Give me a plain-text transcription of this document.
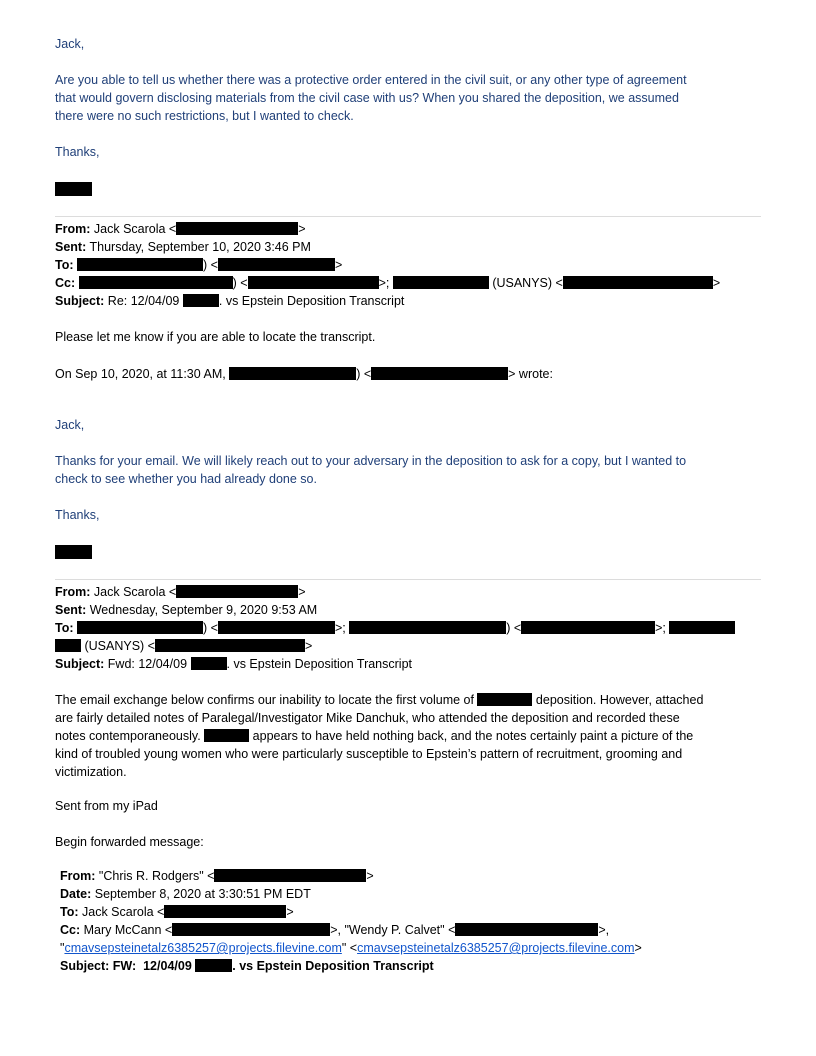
Jack,
Are you able to tell us whether there was a protective order entered in the civil suit, or any other type of agreement
that would govern disclosing materials from the civil case with us? When you shared the deposition, we assumed
there were no such restrictions, but I wanted to check.
Thanks,
From: Jack Scarola <	>
Sent: Thursday, September 10, 2020 3:46 PM
To:	) <	>
Cc:	) <	>;	(USANYS) <	>
Subject: Re: 12/04/09	. vs Epstein Deposition Transcript
Please let me know if you are able to locate the transcript.
On Sep 10, 2020, at 11:30 AM,	) <	> wrote:
Jack,
Thanks for your email. We will likely reach out to your adversary in the deposition to ask for a copy, but I wanted to
check to see whether you had already done so.
Thanks,
From: Jack Scarola <	>
Sent: Wednesday, September 9, 2020 9:53 AM
To:	) <	>;	) <	>;
(USANYS) <	>
Subject: Fwd: 12/04/09	. vs Epstein Deposition Transcript
The email exchange below confirms our inability to locate the first volume of	deposition. However, attached
are fairly detailed notes of Paralegal/Investigator Mike Danchuk, who attended the deposition and recorded these
notes contemporaneously.	appears to have held nothing back, and the notes certainly paint a picture of the
kind of troubled young women who were particularly susceptible to Epstein’s pattern of recruitment, grooming and
victimization.
Sent from my iPad
Begin forwarded message:
From: "Chris R. Rodgers" <	>
Date: September 8, 2020 at 3:30:51 PM EDT
To: Jack Scarola <	>
Cc: Mary McCann <	>, "Wendy P. Calvet" <	>,
"cmavsepsteinetalz6385257@projects.filevine.com" <cmavsepsteinetalz6385257@projects.filevine.com>
Subject: FW: 12/04/09	. vs Epstein Deposition Transcript
